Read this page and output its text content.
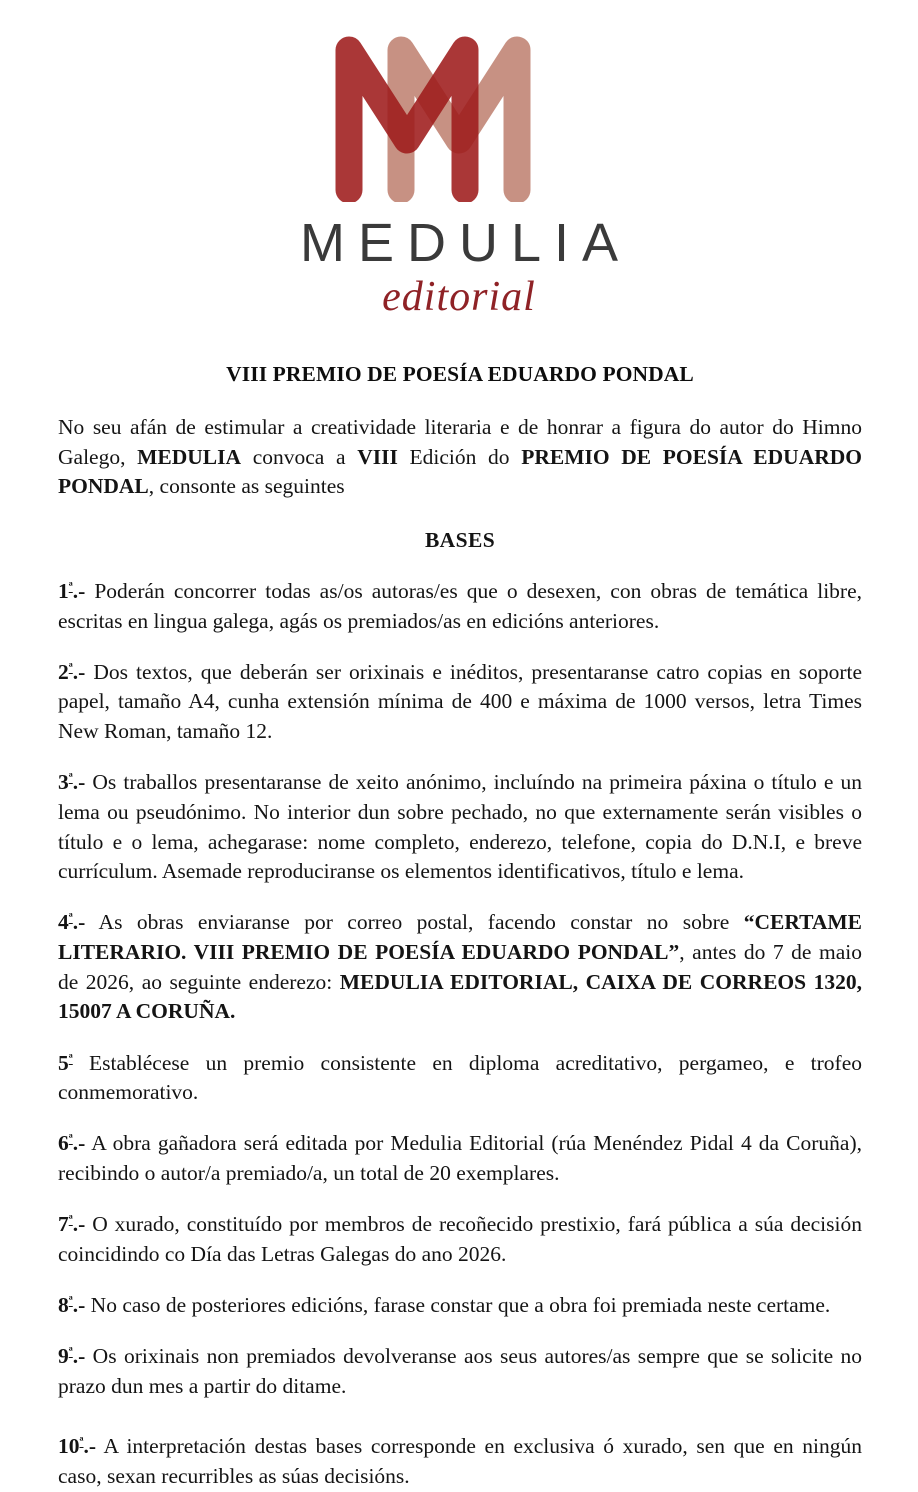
MEDULIA
editorial
VIII PREMIO DE POESÍA EDUARDO PONDAL

No seu afán de estimular a creatividade literaria e de honrar a figura do autor do Himno Galego, MEDULIA convoca a VIII Edición do PREMIO DE POESÍA EDUARDO PONDAL, consonte as seguintes

BASES

$1^ª.-$ Poderán concorrer todas as/os autoras/es que o desexen, con obras de temática libre, escritas en lingua galega, agás os premiados/as en edicións anteriores.

$2^ª.-$ Dos textos, que deberán ser orixinais e inéditos, presentaranse catro copias en soporte papel, tamaño A4, cunha extensión mínima de 400 e máxima de 1000 versos, letra Times New Roman, tamaño 12.

$3^ª.-$ Os traballos presentaranse de xeito anónimo, incluíndo na primeira páxina o título e un lema ou pseudónimo. No interior dun sobre pechado, no que externamente serán visibles o título e o lema, achegarase: nome completo, enderezo, telefone, copia do D.N.I, e breve currículum. Asemade reproduciranse os elementos identificativos, título e lema.

$4^ª.-$ As obras enviaranse por correo postal, facendo constar no sobre “CERTAME LITERARIO. VIII PREMIO DE POESÍA EDUARDO PONDAL”, antes do 7 de maio de 2026, ao seguinte enderezo: MEDULIA EDITORIAL, CAIXA DE CORREOS 1320, 15007 A CORUÑA.

$5^ª$ Establécese un premio consistente en diploma acreditativo, pergameo, e trofeo conmemorativo.

$6^ª.-$ A obra gañadora será editada por Medulia Editorial (rúa Menéndez Pidal 4 da Coruña), recibindo o autor/a premiado/a, un total de 20 exemplares.

$7^ª.-$ O xurado, constituído por membros de recoñecido prestixio, fará pública a súa decisión coincidindo co Día das Letras Galegas do ano 2026.

$8^ª.-$ No caso de posteriores edicións, farase constar que a obra foi premiada neste certame.

$9^ª.-$ Os orixinais non premiados devolveranse aos seus autores/as sempre que se solicite no prazo dun mes a partir do ditame.

$10^ª.-$ A interpretación destas bases corresponde en exclusiva ó xurado, sen que en ningún caso, sexan recurribles as súas decisións.
